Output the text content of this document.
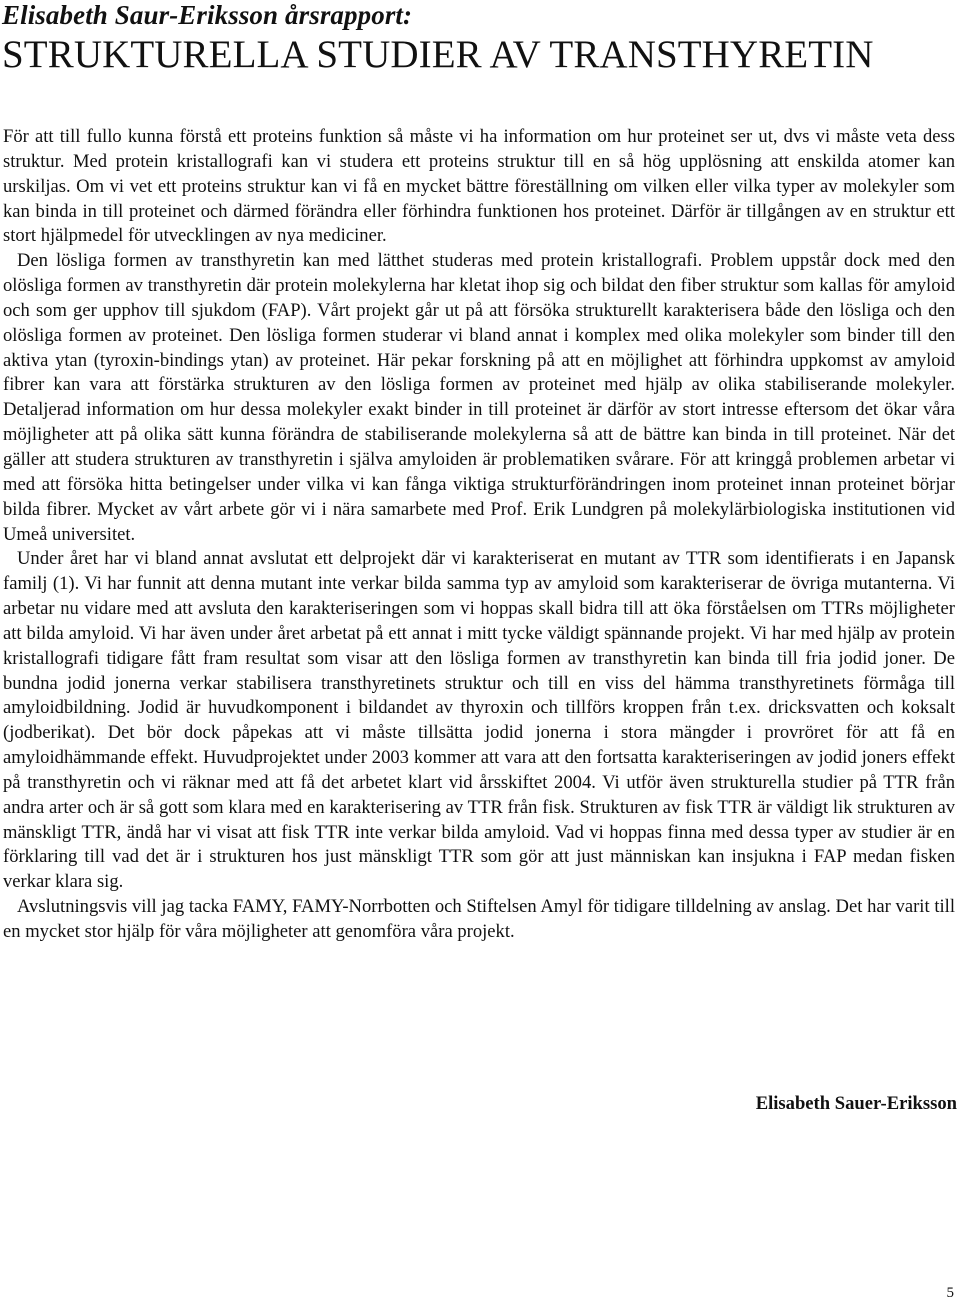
Elisabeth Saur-Eriksson årsrapport:
STRUKTURELLA STUDIER AV TRANSTHYRETIN

För att till fullo kunna förstå ett proteins funktion så måste vi ha information om hur proteinet ser ut, dvs vi måste veta dess struktur. Med protein kristallografi kan vi studera ett proteins struktur till en så hög upplösning att enskilda atomer kan urskiljas. Om vi vet ett proteins struktur kan vi få en mycket bättre föreställning om vilken eller vilka typer av molekyler som kan binda in till proteinet och därmed förändra eller förhindra funktionen hos proteinet. Därför är tillgången av en struktur ett stort hjälpmedel för utvecklingen av nya mediciner.

Den lösliga formen av transthyretin kan med lätthet studeras med protein kristallografi. Problem uppstår dock med den olösliga formen av transthyretin där protein molekylerna har kletat ihop sig och bildat den fiber struktur som kallas för amyloid och som ger upphov till sjukdom (FAP). Vårt projekt går ut på att försöka strukturellt karakterisera både den lösliga och den olösliga formen av proteinet. Den lösliga formen studerar vi bland annat i komplex med olika molekyler som binder till den aktiva ytan (tyroxin-bindings ytan) av proteinet. Här pekar forskning på att en möjlighet att förhindra uppkomst av amyloid fibrer kan vara att förstärka strukturen av den lösliga formen av proteinet med hjälp av olika stabiliserande molekyler. Detaljerad information om hur dessa molekyler exakt binder in till proteinet är därför av stort intresse eftersom det ökar våra möjligheter att på olika sätt kunna förändra de stabiliserande molekylerna så att de bättre kan binda in till proteinet. När det gäller att studera strukturen av transthyretin i själva amyloiden är problematiken svårare. För att kringgå problemen arbetar vi med att försöka hitta betingelser under vilka vi kan fånga viktiga strukturförändringen inom proteinet innan proteinet börjar bilda fibrer. Mycket av vårt arbete gör vi i nära samarbete med Prof. Erik Lundgren på molekylärbiologiska institutionen vid Umeå universitet.

Under året har vi bland annat avslutat ett delprojekt där vi karakteriserat en mutant av TTR som identifierats i en Japansk familj (1). Vi har funnit att denna mutant inte verkar bilda samma typ av amyloid som karakteriserar de övriga mutanterna. Vi arbetar nu vidare med att avsluta den karakteriseringen som vi hoppas skall bidra till att öka förståelsen om TTRs möjligheter att bilda amyloid. Vi har även under året arbetat på ett annat i mitt tycke väldigt spännande projekt. Vi har med hjälp av protein kristallografi tidigare fått fram resultat som visar att den lösliga formen av transthyretin kan binda till fria jodid joner. De bundna jodid jonerna verkar stabilisera transthyretinets struktur och till en viss del hämma transthyretinets förmåga till amyloidbildning. Jodid är huvudkomponent i bildandet av thyroxin och tillförs kroppen från t.ex. dricksvatten och koksalt (jodberikat). Det bör dock påpekas att vi måste tillsätta jodid jonerna i stora mängder i provröret för att få en amyloidhämmande effekt. Huvudprojektet under 2003 kommer att vara att den fortsatta karakteriseringen av jodid joners effekt på transthyretin och vi räknar med att få det arbetet klart vid årsskiftet 2004. Vi utför även strukturella studier på TTR från andra arter och är så gott som klara med en karakterisering av TTR från fisk. Strukturen av fisk TTR är väldigt lik strukturen av mänskligt TTR, ändå har vi visat att fisk TTR inte verkar bilda amyloid. Vad vi hoppas finna med dessa typer av studier är en förklaring till vad det är i strukturen hos just mänskligt TTR som gör att just människan kan insjukna i FAP medan fisken verkar klara sig.

Avslutningsvis vill jag tacka FAMY, FAMY-Norrbotten och Stiftelsen Amyl för tidigare tilldelning av anslag. Det har varit till en mycket stor hjälp för våra möjligheter att genomföra våra projekt.

Elisabeth Sauer-Eriksson
5
